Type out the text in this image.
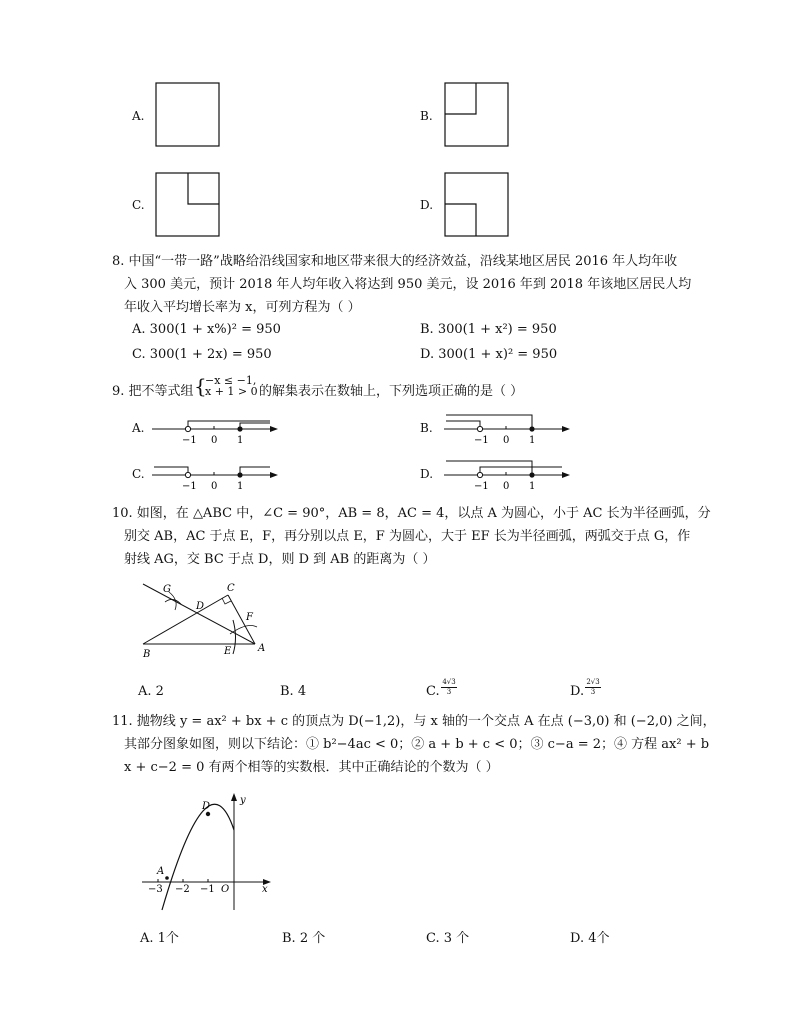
A.	B.
C.	D.

8. 中国“一带一路”战略给沿线国家和地区带来很大的经济效益，沿线某地区居民 2016 年人均年收

入 300 美元，预计 2018 年人均年收入将达到 950 美元，设 2016 年到 2018 年该地区居民人均

年收入平均增长率为 x，可列方程为（ ）

A. 300(1 + x%)² = 950	B. 300(1 + x²) = 950
C. 300(1 + 2x) = 950	D. 300(1 + x)² = 950
9. 把不等式组 {
−x ≤ −1,
x + 1 > 0 的解集表示在数轴上，下列选项正确的是（ ）
A.
−1 0 1
B.
−1 0 1
C.
−1 0 1
D.
−1 0 1

10. 如图，在 △ABC 中，∠C = 90°，AB = 8，AC = 4，以点 A 为圆心，小于 AC 长为半径画弧，分

别交 AB，AC 于点 E，F，再分别以点 E，F 为圆心，大于 EF 长为半径画弧，两弧交于点 G，作

射线 AG，交 BC 于点 D，则 D 到 AB 的距离为（ ）

G	C
D
F
B	E	A
A. 2	B. 4	C. $\frac{4√3}{3}$	D. $\frac{2√3}{3}$

11. 抛物线 y = ax² + bx + c 的顶点为 D(−1,2)，与 x 轴的一个交点 A 在点 (−3,0) 和 (−2,0) 之间，

其部分图象如图，则以下结论：① b²−4ac < 0；② a + b + c < 0；③ c−a = 2；④ 方程 ax² + b

x + c−2 = 0 有两个相等的实数根．其中正确结论的个数为（ ）

y
x
D
A
O
−3 −2 −1
A. 1个	B. 2 个	C. 3 个	D. 4个
